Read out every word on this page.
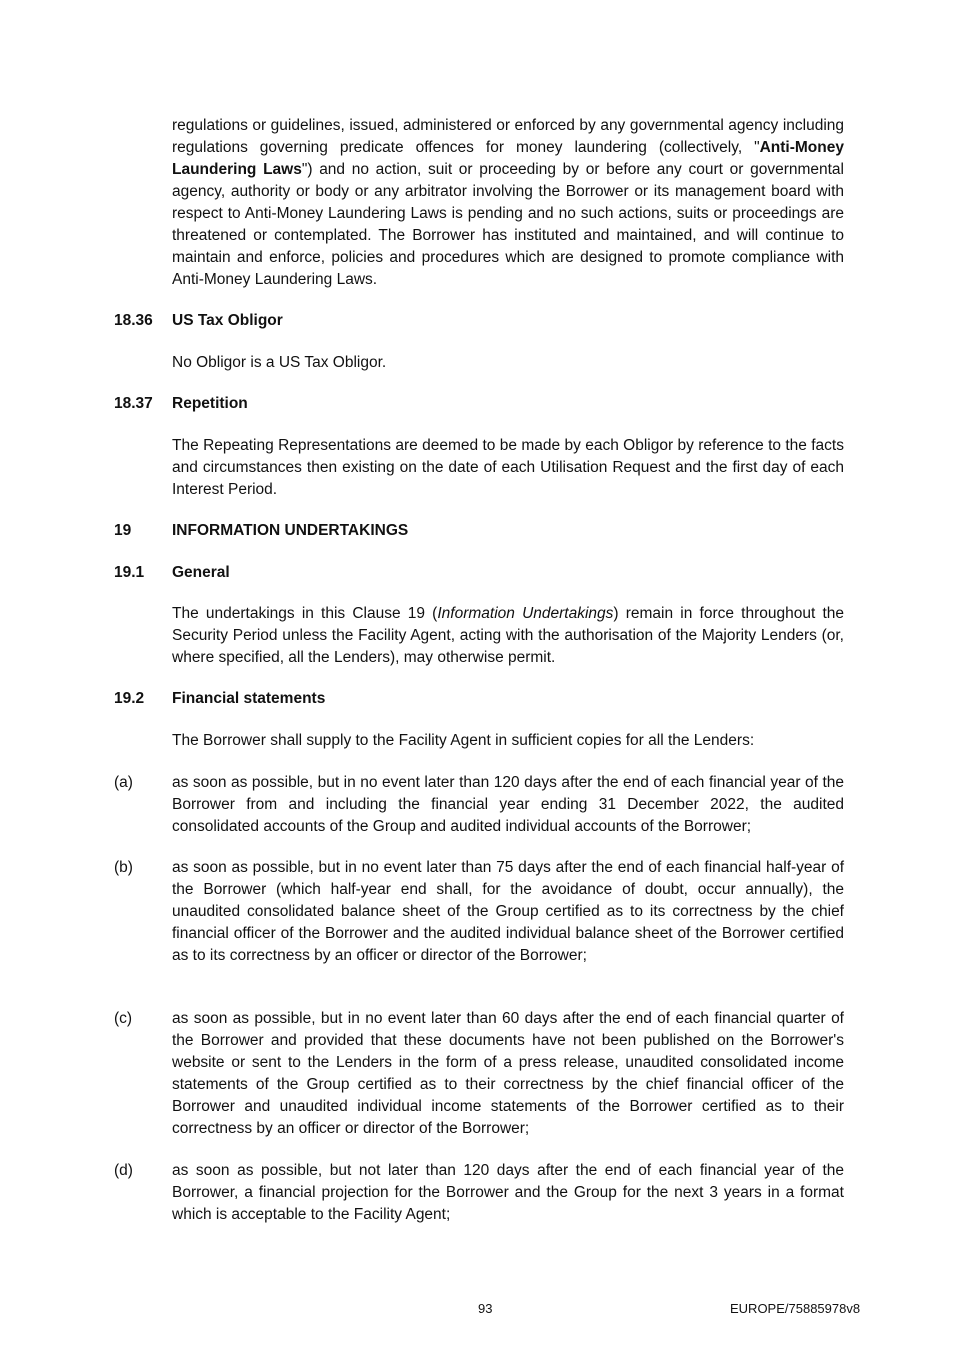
regulations or guidelines, issued, administered or enforced by any governmental agency including regulations governing predicate offences for money laundering (collectively, "Anti-Money Laundering Laws") and no action, suit or proceeding by or before any court or governmental agency, authority or body or any arbitrator involving the Borrower or its management board with respect to Anti-Money Laundering Laws is pending and no such actions, suits or proceedings are threatened or contemplated. The Borrower has instituted and maintained, and will continue to maintain and enforce, policies and procedures which are designed to promote compliance with Anti-Money Laundering Laws.

18.36 US Tax Obligor

No Obligor is a US Tax Obligor.

18.37 Repetition

The Repeating Representations are deemed to be made by each Obligor by reference to the facts and circumstances then existing on the date of each Utilisation Request and the first day of each Interest Period.

19	INFORMATION UNDERTAKINGS
19.1 General

The undertakings in this Clause 19 (Information Undertakings) remain in force throughout the Security Period unless the Facility Agent, acting with the authorisation of the Majority Lenders (or, where specified, all the Lenders), may otherwise permit.

19.2 Financial statements

The Borrower shall supply to the Facility Agent in sufficient copies for all the Lenders:

(a)	as soon as possible, but in no event later than 120 days after the end of each financial year of the Borrower from and including the financial year ending 31 December 2022, the audited consolidated accounts of the Group and audited individual accounts of the Borrower;
(b)	as soon as possible, but in no event later than 75 days after the end of each financial half-year of the Borrower (which half-year end shall, for the avoidance of doubt, occur annually), the unaudited consolidated balance sheet of the Group certified as to its correctness by the chief financial officer of the Borrower and the audited individual balance sheet of the Borrower certified as to its correctness by an officer or director of the Borrower;
(c)	as soon as possible, but in no event later than 60 days after the end of each financial quarter of the Borrower and provided that these documents have not been published on the Borrower's website or sent to the Lenders in the form of a press release, unaudited consolidated income statements of the Group certified as to their correctness by the chief financial officer of the Borrower and unaudited individual income statements of the Borrower certified as to their correctness by an officer or director of the Borrower;
(d)	as soon as possible, but not later than 120 days after the end of each financial year of the Borrower, a financial projection for the Borrower and the Group for the next 3 years in a format which is acceptable to the Facility Agent;
93	EUROPE/75885978v8
